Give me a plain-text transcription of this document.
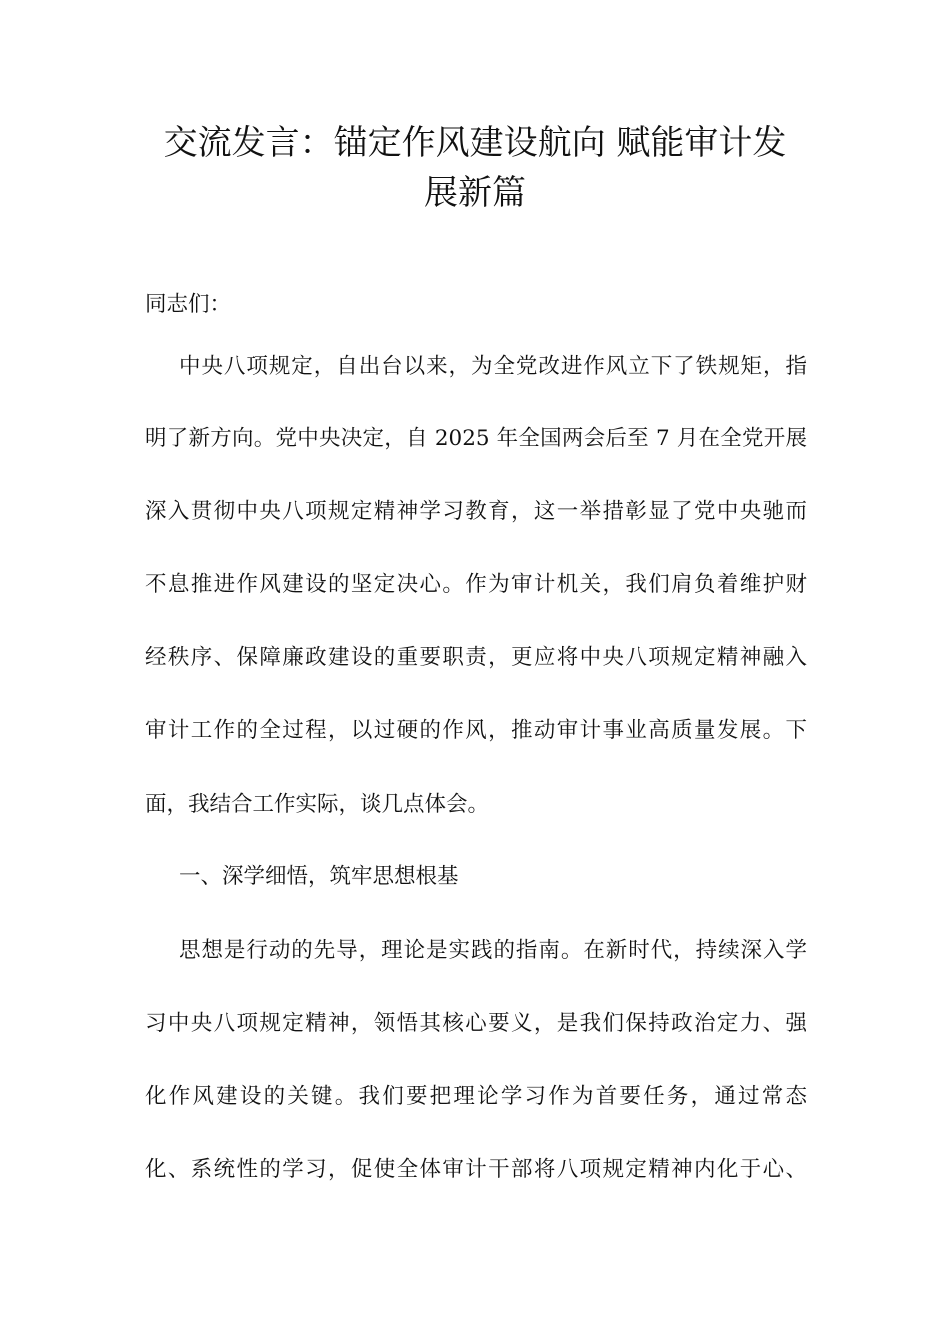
交流发言：锚定作风建设航向 赋能审计发
展新篇

同志们：

中央八项规定，自出台以来，为全党改进作风立下了铁规矩，指

明了新方向。党中央决定，自 2025 年全国两会后至 7 月在全党开展

深入贯彻中央八项规定精神学习教育，这一举措彰显了党中央驰而

不息推进作风建设的坚定决心。作为审计机关，我们肩负着维护财

经秩序、保障廉政建设的重要职责，更应将中央八项规定精神融入

审计工作的全过程，以过硬的作风，推动审计事业高质量发展。下

面，我结合工作实际，谈几点体会。

一、深学细悟，筑牢思想根基

思想是行动的先导，理论是实践的指南。在新时代，持续深入学

习中央八项规定精神，领悟其核心要义，是我们保持政治定力、强

化作风建设的关键。我们要把理论学习作为首要任务，通过常态

化、系统性的学习，促使全体审计干部将八项规定精神内化于心、
